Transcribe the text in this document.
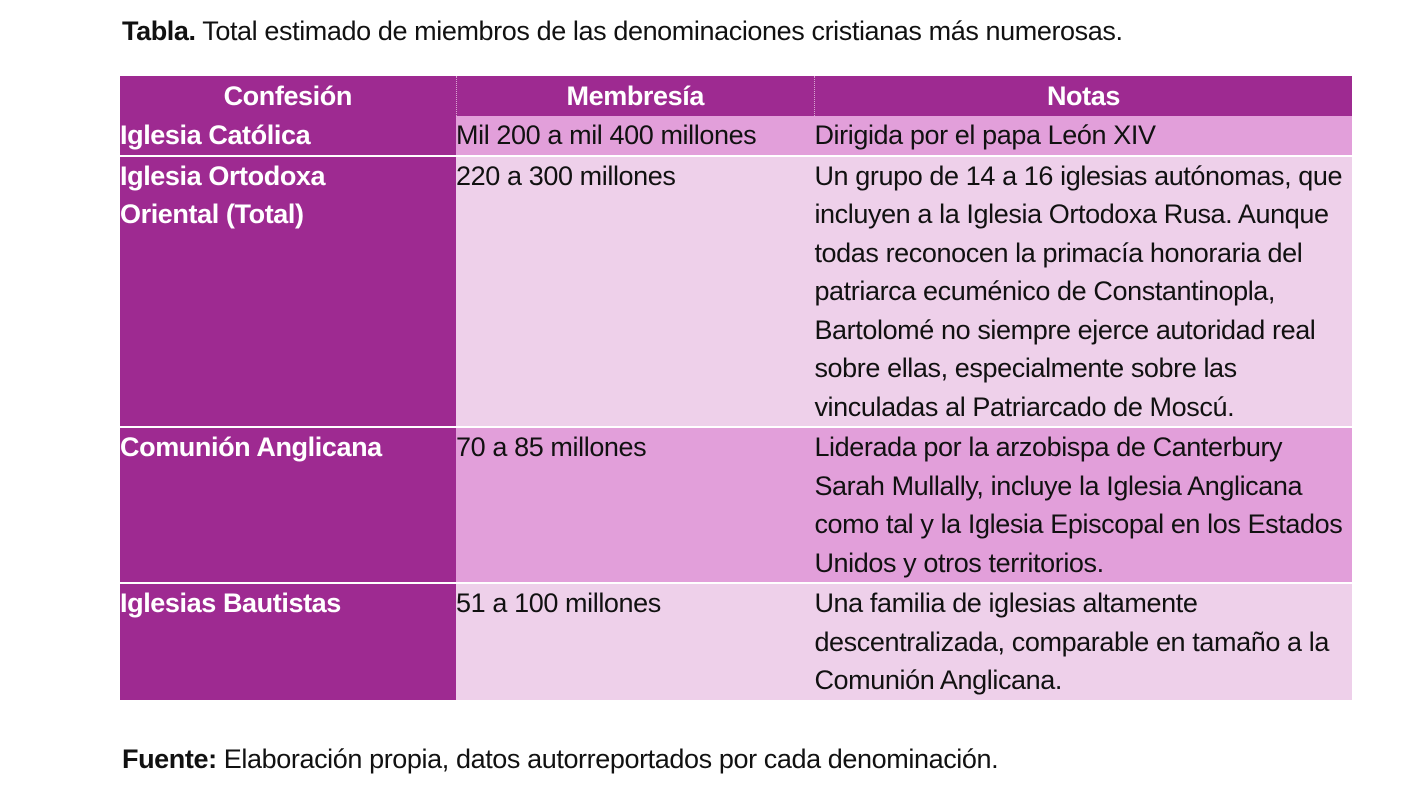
Tabla. Total estimado de miembros de las denominaciones cristianas más numerosas.
Confesión	Membresía	Notas
Iglesia Católica	Mil 200 a mil 400 millones	Dirigida por el papa León XIV
Iglesia Ortodoxa Oriental (Total)	220 a 300 millones	Un grupo de 14 a 16 iglesias autónomas, que incluyen a la Iglesia Ortodoxa Rusa. Aunque todas reconocen la primacía honoraria del patriarca ecuménico de Constantinopla, Bartolomé no siempre ejerce autoridad real sobre ellas, especialmente sobre las vinculadas al Patriarcado de Moscú.
Comunión Anglicana	70 a 85 millones	Liderada por la arzobispa de Canterbury Sarah Mullally, incluye la Iglesia Anglicana como tal y la Iglesia Episcopal en los Estados Unidos y otros territorios.
Iglesias Bautistas	51 a 100 millones	Una familia de iglesias altamente descentralizada, comparable en tamaño a la Comunión Anglicana.
Fuente: Elaboración propia, datos autorreportados por cada denominación.
